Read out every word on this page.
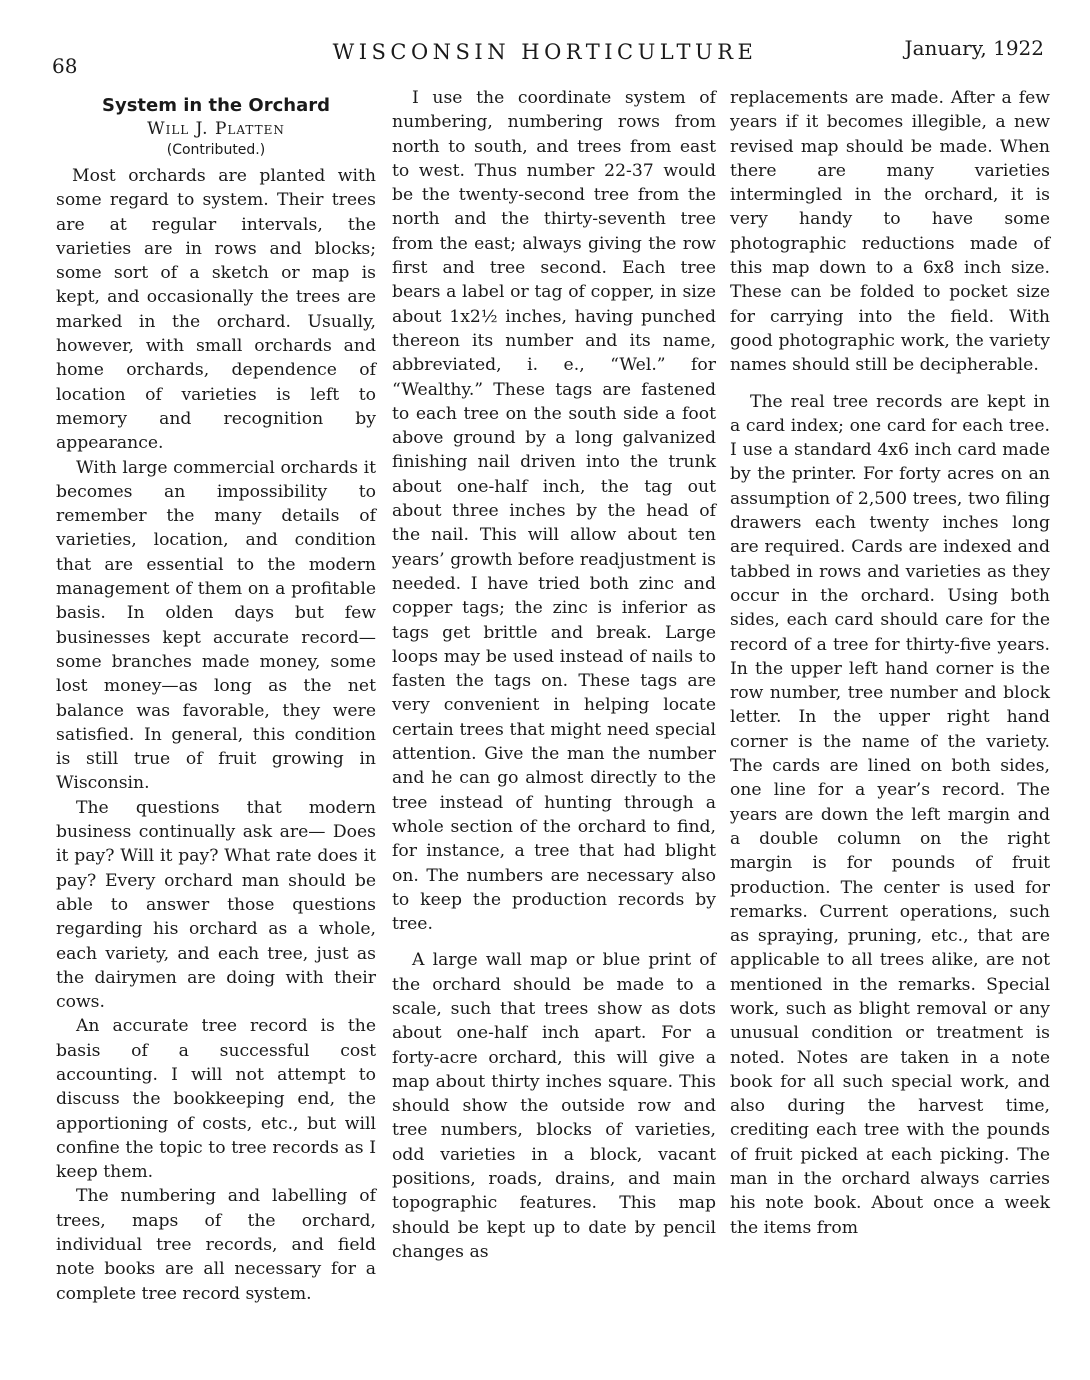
68
WISCONSIN HORTICULTURE	January, 1922
System in the Orchard
Will J. Platten
(Contributed.)

Most orchards are planted with some regard to system. Their trees are at regular intervals, the varieties are in rows and blocks; some sort of a sketch or map is kept, and occasionally the trees are marked in the orchard. Usually, however, with small orchards and home orchards, dependence of location of varieties is left to memory and recognition by appearance.

With large commercial orchards it becomes an impossibility to remember the many details of varieties, location, and condition that are essential to the modern management of them on a profitable basis. In olden days but few businesses kept accurate record— some branches made money, some lost money—as long as the net balance was favorable, they were satisfied. In general, this condition is still true of fruit growing in Wisconsin.

The questions that modern business continually ask are— Does it pay? Will it pay? What rate does it pay? Every orchard man should be able to answer those questions regarding his orchard as a whole, each variety, and each tree, just as the dairymen are doing with their cows.

An accurate tree record is the basis of a successful cost accounting. I will not attempt to discuss the bookkeeping end, the apportioning of costs, etc., but will confine the topic to tree records as I keep them.

The numbering and labelling of trees, maps of the orchard, individual tree records, and field note books are all necessary for a complete tree record system.

I use the coordinate system of numbering, numbering rows from north to south, and trees from east to west. Thus number 22-37 would be the twenty-second tree from the north and the thirty-seventh tree from the east; always giving the row first and tree second. Each tree bears a label or tag of copper, in size about 1x2½ inches, having punched thereon its number and its name, abbreviated, i. e., “Wel.” for “Wealthy.” These tags are fastened to each tree on the south side a foot above ground by a long galvanized finishing nail driven into the trunk about one-half inch, the tag out about three inches by the head of the nail. This will allow about ten years’ growth before readjustment is needed. I have tried both zinc and copper tags; the zinc is inferior as tags get brittle and break. Large loops may be used instead of nails to fasten the tags on. These tags are very convenient in helping locate certain trees that might need special attention. Give the man the number and he can go almost directly to the tree instead of hunting through a whole section of the orchard to find, for instance, a tree that had blight on. The numbers are necessary also to keep the production records by tree.

A large wall map or blue print of the orchard should be made to a scale, such that trees show as dots about one-half inch apart. For a forty-acre orchard, this will give a map about thirty inches square. This should show the outside row and tree numbers, blocks of varieties, odd varieties in a block, vacant positions, roads, drains, and main topographic features. This map should be kept up to date by pencil changes as

replacements are made. After a few years if it becomes illegible, a new revised map should be made. When there are many varieties intermingled in the orchard, it is very handy to have some photographic reductions made of this map down to a 6x8 inch size. These can be folded to pocket size for carrying into the field. With good photographic work, the variety names should still be decipherable.

The real tree records are kept in a card index; one card for each tree. I use a standard 4x6 inch card made by the printer. For forty acres on an assumption of 2,500 trees, two filing drawers each twenty inches long are required. Cards are indexed and tabbed in rows and varieties as they occur in the orchard. Using both sides, each card should care for the record of a tree for thirty-five years. In the upper left hand corner is the row number, tree number and block letter. In the upper right hand corner is the name of the variety. The cards are lined on both sides, one line for a year’s record. The years are down the left margin and a double column on the right margin is for pounds of fruit production. The center is used for remarks. Current operations, such as spraying, pruning, etc., that are applicable to all trees alike, are not mentioned in the remarks. Special work, such as blight removal or any unusual condition or treatment is noted. Notes are taken in a note book for all such special work, and also during the harvest time, crediting each tree with the pounds of fruit picked at each picking. The man in the orchard always carries his note book. About once a week the items from
